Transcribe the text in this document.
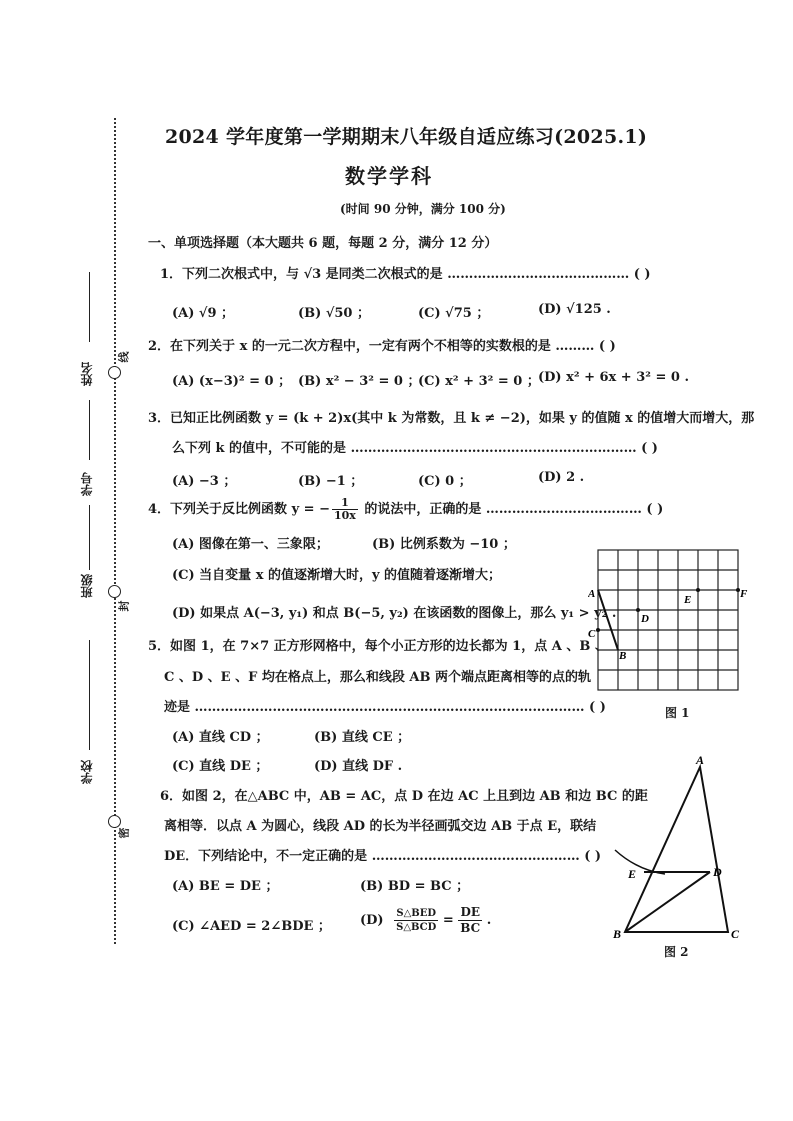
姓名
学号
班级
学校
线
封
密
2024 学年度第一学期期末八年级自适应练习(2025.1)
数学学科
(时间 90 分钟，满分 100 分)
一、单项选择题（本大题共 6 题，每题 2 分，满分 12 分）
1．下列二次根式中，与 √3 是同类二次根式的是 …………………………………… ( )
(A) √9 ；	(B) √50 ；	(C) √75 ；	(D) √125 .
2．在下列关于 x 的一元二次方程中，一定有两个不相等的实数根的是 ……… ( )
(A) (x−3)² = 0 ； (B) x² − 3² = 0 ；
(C) x² + 3² = 0 ；
(D) x² + 6x + 3² = 0 .
3．已知正比例函数 y = (k + 2)x(其中 k 为常数，且 k ≠ −2)，如果 y 的值随 x 的值增大而增大，那
么下列 k 的值中，不可能的是 ………………………………………………………… ( )
(A) −3 ；	(B) −1 ；	(C) 0 ；	(D) 2 .
4．下列关于反比例函数 y = − $\frac{1}{10x}$ 的说法中，正确的是 ……………………………… ( )
(A) 图像在第一、三象限；	(B) 比例系数为 −10 ；
(C) 当自变量 x 的值逐渐增大时，y 的值随着逐渐增大；
(D) 如果点 A(−3, y₁) 和点 B(−5, y₂) 在该函数的图像上，那么 y₁ > y₂ .
5．如图 1，在 7×7 正方形网格中，每个小正方形的边长都为 1，点 A 、B 、
C 、D 、E 、F 均在格点上，那么和线段 AB 两个端点距离相等的点的轨
迹是 ……………………………………………………………………………… ( )
(A) 直线 CD ；	(B) 直线 CE ；
(C) 直线 DE ；	(D) 直线 DF .
6．如图 2，在△ABC 中，AB = AC，点 D 在边 AC 上且到边 AB 和边 BC 的距
离相等．以点 A 为圆心，线段 AD 的长为半径画弧交边 AB 于点 E，联结
DE．下列结论中，不一定正确的是 ………………………………………… ( )
(A) BE = DE ；	(B) BD = BC ；
(C) ∠AED = 2∠BDE ； (D) S△BED
S△BCD = $\frac{DE}{BC}$ .
A
B
C
D
E	F
图 1
A
B	C
D
E
图 2
